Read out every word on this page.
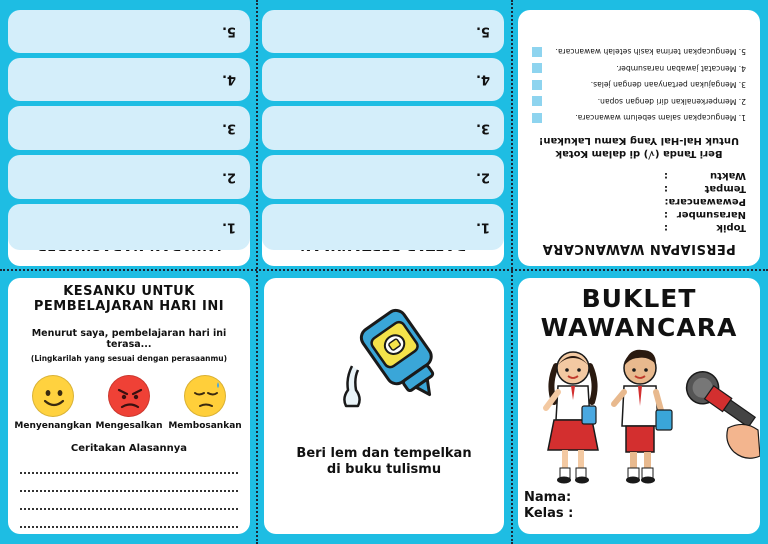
1.
2.
3.
4.
5.
1.
2.
3.
4.
5.
PERSIAPAN WAWANCARA
Topik
:
Narasumber
:
Pewawancara:
Tempat
:
Waktu
:
Beri Tanda (√) di dalam Kotak
Untuk Hal-Hal Yang Kamu Lakukan!
1. Mengucapkan salam sebelum wawancara.
2. Memperkenalkan diri dengan sopan.
3. Mengajukan pertanyaan dengan jelas.
4. Mencatat jawaban narasumber.
5. Mengucapkan terima kasih setelah wawancara.
KESANKU UNTUK
PEMBELAJARAN HARI INI
Menurut saya, pembelajaran hari ini terasa...
(Lingkarilah yang sesuai dengan perasaanmu)
Menyenangkan Mengesalkan Membosankan
Ceritakan Alasannya	Beri lem dan tempelkan
di buku tulismu
BUKLET
WAWANCARA
Nama:
Kelas :
